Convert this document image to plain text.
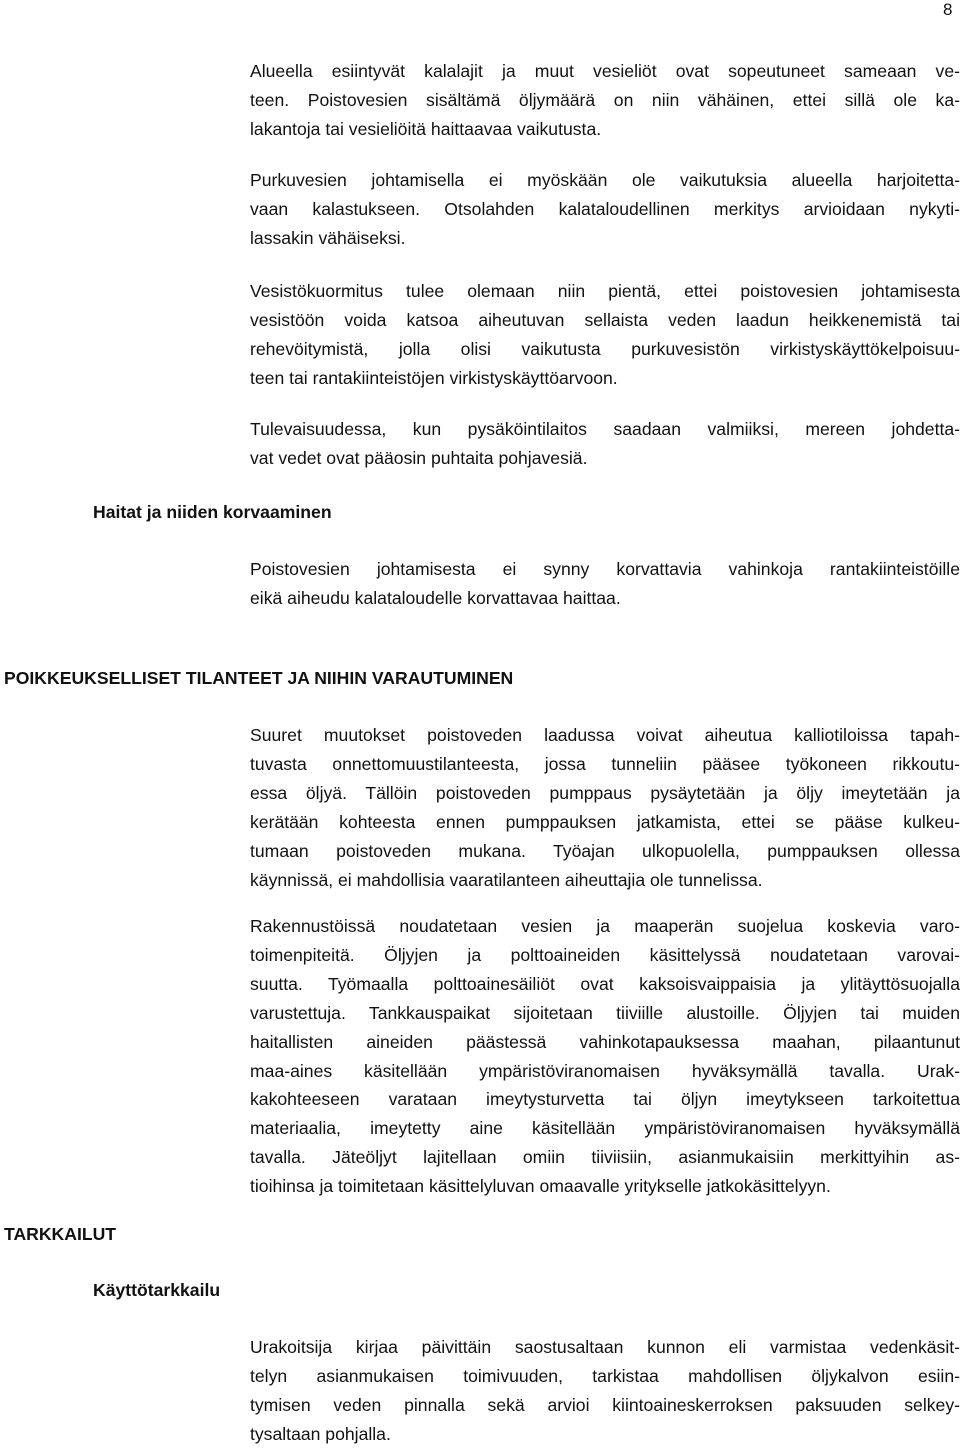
8
Alueella esiintyvät kalalajit ja muut vesieliöt ovat sopeutuneet sameaan ve-
teen. Poistovesien sisältämä öljymäärä on niin vähäinen, ettei sillä ole ka-
lakantoja tai vesieliöitä haittaavaa vaikutusta.
Purkuvesien johtamisella ei myöskään ole vaikutuksia alueella harjoitetta-
vaan kalastukseen. Otsolahden kalataloudellinen merkitys arvioidaan nykyti-
lassakin vähäiseksi.
Vesistökuormitus tulee olemaan niin pientä, ettei poistovesien johtamisesta
vesistöön voida katsoa aiheutuvan sellaista veden laadun heikkenemistä tai
rehevöitymistä, jolla olisi vaikutusta purkuvesistön virkistyskäyttökelpoisuu-
teen tai rantakiinteistöjen virkistyskäyttöarvoon.
Tulevaisuudessa, kun pysäköintilaitos saadaan valmiiksi, mereen johdetta-
vat vedet ovat pääosin puhtaita pohjavesiä.
Haitat ja niiden korvaaminen
Poistovesien johtamisesta ei synny korvattavia vahinkoja rantakiinteistöille
eikä aiheudu kalataloudelle korvattavaa haittaa.
POIKKEUKSELLISET TILANTEET JA NIIHIN VARAUTUMINEN
Suuret muutokset poistoveden laadussa voivat aiheutua kalliotiloissa tapah-
tuvasta onnettomuustilanteesta, jossa tunneliin pääsee työkoneen rikkoutu-
essa öljyä. Tällöin poistoveden pumppaus pysäytetään ja öljy imeytetään ja
kerätään kohteesta ennen pumppauksen jatkamista, ettei se pääse kulkeu-
tumaan poistoveden mukana. Työajan ulkopuolella, pumppauksen ollessa
käynnissä, ei mahdollisia vaaratilanteen aiheuttajia ole tunnelissa.
Rakennustöissä noudatetaan vesien ja maaperän suojelua koskevia varo-
toimenpiteitä. Öljyjen ja polttoaineiden käsittelyssä noudatetaan varovai-
suutta. Työmaalla polttoainesäiliöt ovat kaksoisvaippaisia ja ylitäyttösuojalla
varustettuja. Tankkauspaikat sijoitetaan tiiviille alustoille. Öljyjen tai muiden
haitallisten aineiden päästessä vahinkotapauksessa maahan, pilaantunut
maa-aines käsitellään ympäristöviranomaisen hyväksymällä tavalla. Urak-
kakohteeseen varataan imeytysturvetta tai öljyn imeytykseen tarkoitettua
materiaalia, imeytetty aine käsitellään ympäristöviranomaisen hyväksymällä
tavalla. Jäteöljyt lajitellaan omiin tiiviisiin, asianmukaisiin merkittyihin as-
tioihinsa ja toimitetaan käsittelyluvan omaavalle yritykselle jatkokäsittelyyn.
TARKKAILUT
Käyttötarkkailu
Urakoitsija kirjaa päivittäin saostusaltaan kunnon eli varmistaa vedenkäsit-
telyn asianmukaisen toimivuuden, tarkistaa mahdollisen öljykalvon esiin-
tymisen veden pinnalla sekä arvioi kiintoaineskerroksen paksuuden selkey-
tysaltaan pohjalla.
